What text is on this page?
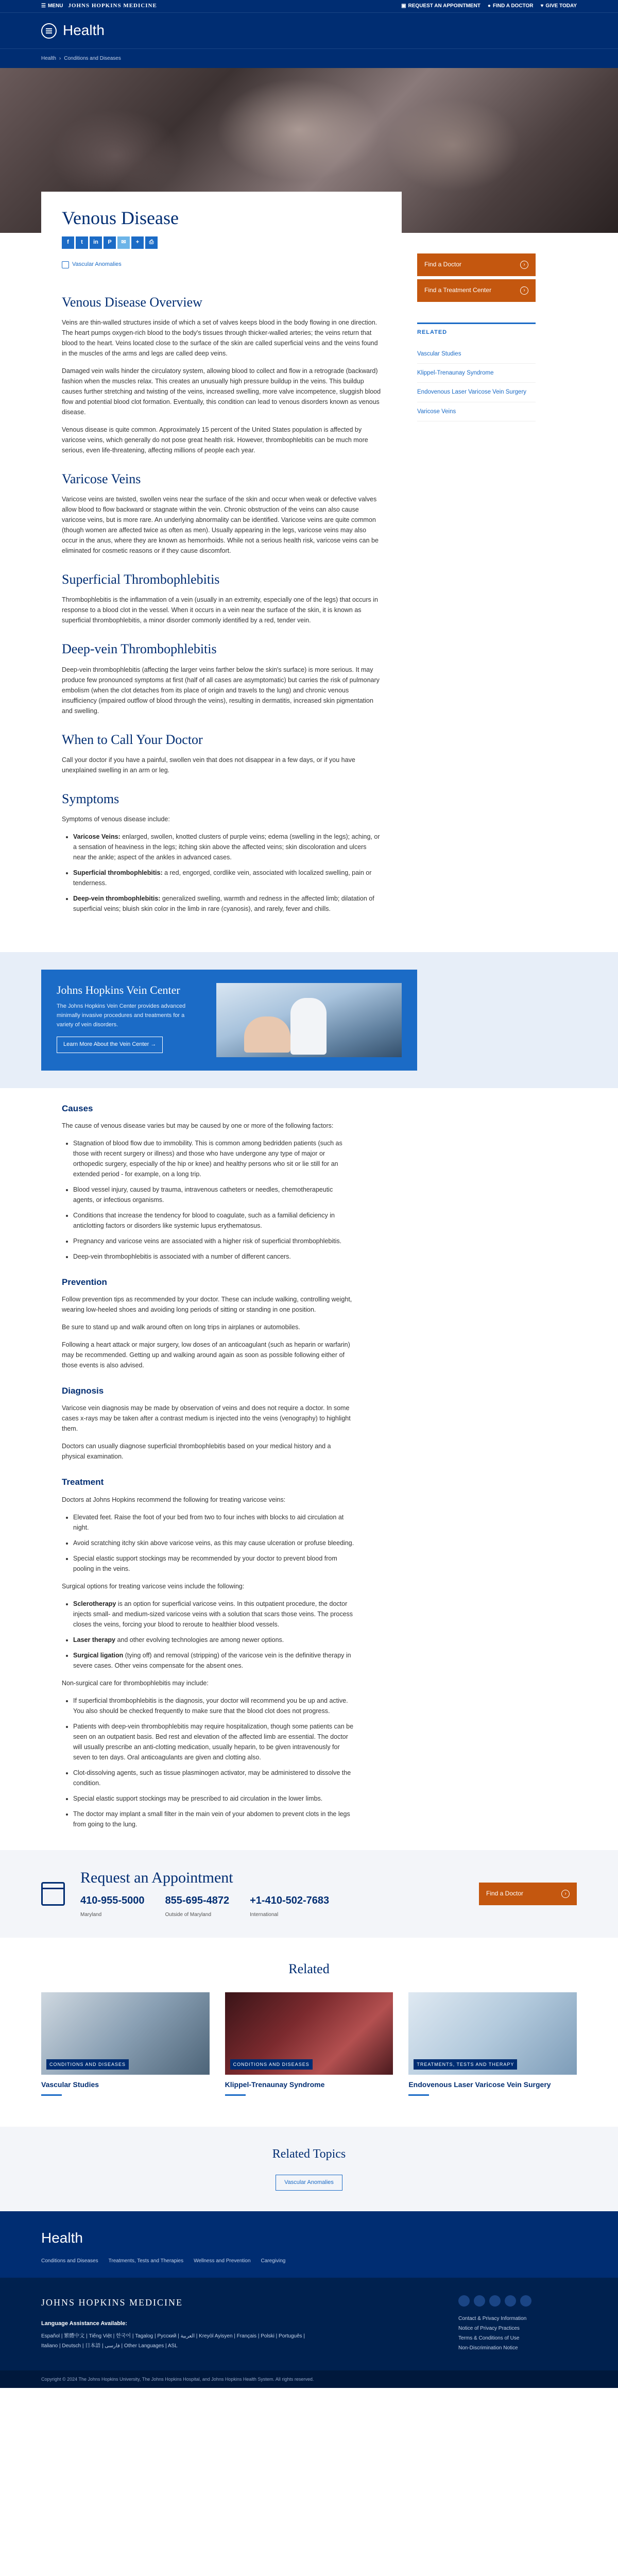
☰ MENU JOHNS HOPKINS MEDICINE	▣ REQUEST AN APPOINTMENT ● FIND A DOCTOR ♥ GIVE TODAY
Health
Health › Conditions and Diseases
Venous Disease
f	t	in	P	✉	+	⎙
Vascular Anomalies
Venous Disease Overview

Veins are thin-walled structures inside of which a set of valves keeps blood in the body flowing in one direction. The heart pumps oxygen-rich blood to the body's tissues through thicker-walled arteries; the veins return that blood to the heart. Veins located close to the surface of the skin are called superficial veins and the veins found in the muscles of the arms and legs are called deep veins.

Damaged vein walls hinder the circulatory system, allowing blood to collect and flow in a retrograde (backward) fashion when the muscles relax. This creates an unusually high pressure buildup in the veins. This buildup causes further stretching and twisting of the veins, increased swelling, more valve incompetence, sluggish blood flow and potential blood clot formation. Eventually, this condition can lead to venous disorders known as venous disease.

Venous disease is quite common. Approximately 15 percent of the United States population is affected by varicose veins, which generally do not pose great health risk. However, thrombophlebitis can be much more serious, even life-threatening, affecting millions of people each year.

Varicose Veins

Varicose veins are twisted, swollen veins near the surface of the skin and occur when weak or defective valves allow blood to flow backward or stagnate within the vein. Chronic obstruction of the veins can also cause varicose veins, but is more rare. An underlying abnormality can be identified. Varicose veins are quite common (though women are affected twice as often as men). Usually appearing in the legs, varicose veins may also occur in the anus, where they are known as hemorrhoids. While not a serious health risk, varicose veins can be eliminated for cosmetic reasons or if they cause discomfort.

Superficial Thrombophlebitis

Thrombophlebitis is the inflammation of a vein (usually in an extremity, especially one of the legs) that occurs in response to a blood clot in the vessel. When it occurs in a vein near the surface of the skin, it is known as superficial thrombophlebitis, a minor disorder commonly identified by a red, tender vein.

Deep-vein Thrombophlebitis

Deep-vein thrombophlebitis (affecting the larger veins farther below the skin's surface) is more serious. It may produce few pronounced symptoms at first (half of all cases are asymptomatic) but carries the risk of pulmonary embolism (when the clot detaches from its place of origin and travels to the lung) and chronic venous insufficiency (impaired outflow of blood through the veins), resulting in dermatitis, increased skin pigmentation and swelling.

When to Call Your Doctor

Call your doctor if you have a painful, swollen vein that does not disappear in a few days, or if you have unexplained swelling in an arm or leg.

Symptoms

Symptoms of venous disease include:

• Varicose Veins: enlarged, swollen, knotted clusters of purple veins; edema (swelling in the legs); aching, or a sensation of heaviness in the legs; itching skin above the affected veins; skin discoloration and ulcers near the ankle; aspect of the ankles in advanced cases.
• Superficial thrombophlebitis: a red, engorged, cordlike vein, associated with localized swelling, pain or tenderness.
• Deep-vein thrombophlebitis: generalized swelling, warmth and redness in the affected limb; dilatation of superficial veins; bluish skin color in the limb in rare (cyanosis), and rarely, fever and chills.
Find a Doctor	›
Find a Treatment Center	›
RELATED
Vascular Studies
Klippel-Trenaunay Syndrome
Endovenous Laser Varicose Vein Surgery
Varicose Veins
Johns Hopkins Vein Center

The Johns Hopkins Vein Center provides advanced minimally invasive procedures and treatments for a variety of vein disorders.

Learn More About the Vein Center →
Causes

The cause of venous disease varies but may be caused by one or more of the following factors:

• Stagnation of blood flow due to immobility. This is common among bedridden patients (such as those with recent surgery or illness) and those who have undergone any type of major or orthopedic surgery, especially of the hip or knee) and healthy persons who sit or lie still for an extended period - for example, on a long trip.
• Blood vessel injury, caused by trauma, intravenous catheters or needles, chemotherapeutic agents, or infectious organisms.
• Conditions that increase the tendency for blood to coagulate, such as a familial deficiency in anticlotting factors or disorders like systemic lupus erythematosus.
• Pregnancy and varicose veins are associated with a higher risk of superficial thrombophlebitis.
• Deep-vein thrombophlebitis is associated with a number of different cancers.
Prevention

Follow prevention tips as recommended by your doctor. These can include walking, controlling weight, wearing low-heeled shoes and avoiding long periods of sitting or standing in one position.

Be sure to stand up and walk around often on long trips in airplanes or automobiles.

Following a heart attack or major surgery, low doses of an anticoagulant (such as heparin or warfarin) may be recommended. Getting up and walking around again as soon as possible following either of those events is also advised.

Diagnosis

Varicose vein diagnosis may be made by observation of veins and does not require a doctor. In some cases x-rays may be taken after a contrast medium is injected into the veins (venography) to highlight them.

Doctors can usually diagnose superficial thrombophlebitis based on your medical history and a physical examination.

Treatment

Doctors at Johns Hopkins recommend the following for treating varicose veins:

• Elevated feet. Raise the foot of your bed from two to four inches with blocks to aid circulation at night.
• Avoid scratching itchy skin above varicose veins, as this may cause ulceration or profuse bleeding.
• Special elastic support stockings may be recommended by your doctor to prevent blood from pooling in the veins.

Surgical options for treating varicose veins include the following:

• Sclerotherapy is an option for superficial varicose veins. In this outpatient procedure, the doctor injects small- and medium-sized varicose veins with a solution that scars those veins. The process closes the veins, forcing your blood to reroute to healthier blood vessels.
• Laser therapy and other evolving technologies are among newer options.
• Surgical ligation (tying off) and removal (stripping) of the varicose vein is the definitive therapy in severe cases. Other veins compensate for the absent ones.

Non-surgical care for thrombophlebitis may include:

• If superficial thrombophlebitis is the diagnosis, your doctor will recommend you be up and active. You also should be checked frequently to make sure that the blood clot does not progress.
• Patients with deep-vein thrombophlebitis may require hospitalization, though some patients can be seen on an outpatient basis. Bed rest and elevation of the affected limb are essential. The doctor will usually prescribe an anti-clotting medication, usually heparin, to be given intravenously for seven to ten days. Oral anticoagulants are given and clotting also.
• Clot-dissolving agents, such as tissue plasminogen activator, may be administered to dissolve the condition.
• Special elastic support stockings may be prescribed to aid circulation in the lower limbs.
• The doctor may implant a small filter in the main vein of your abdomen to prevent clots in the legs from going to the lung.
Request an Appointment
410-955-5000
Maryland
855-695-4872
Outside of Maryland
+1-410-502-7683
International
Find a Doctor	›
Related
CONDITIONS AND DISEASES
Vascular Studies
CONDITIONS AND DISEASES
Klippel-Trenaunay Syndrome
TREATMENTS, TESTS AND THERAPY
Endovenous Laser Varicose Vein Surgery
Related Topics
Vascular Anomalies
Health
Conditions and Diseases Treatments, Tests and Therapies Wellness and Prevention Caregiving
JOHNS HOPKINS MEDICINE
Language Assistance Available:
Español | 繁體中文 | Tiếng Việt | 한국어 | Tagalog | Русский | العربية | Kreyòl Ayisyen | Français | Polski | Português | Italiano | Deutsch | 日本語 | فارسی | Other Languages | ASL
Contact & Privacy Information
Notice of Privacy Practices
Terms & Conditions of Use
Non-Discrimination Notice
Copyright © 2024 The Johns Hopkins University, The Johns Hopkins Hospital, and Johns Hopkins Health System. All rights reserved.
